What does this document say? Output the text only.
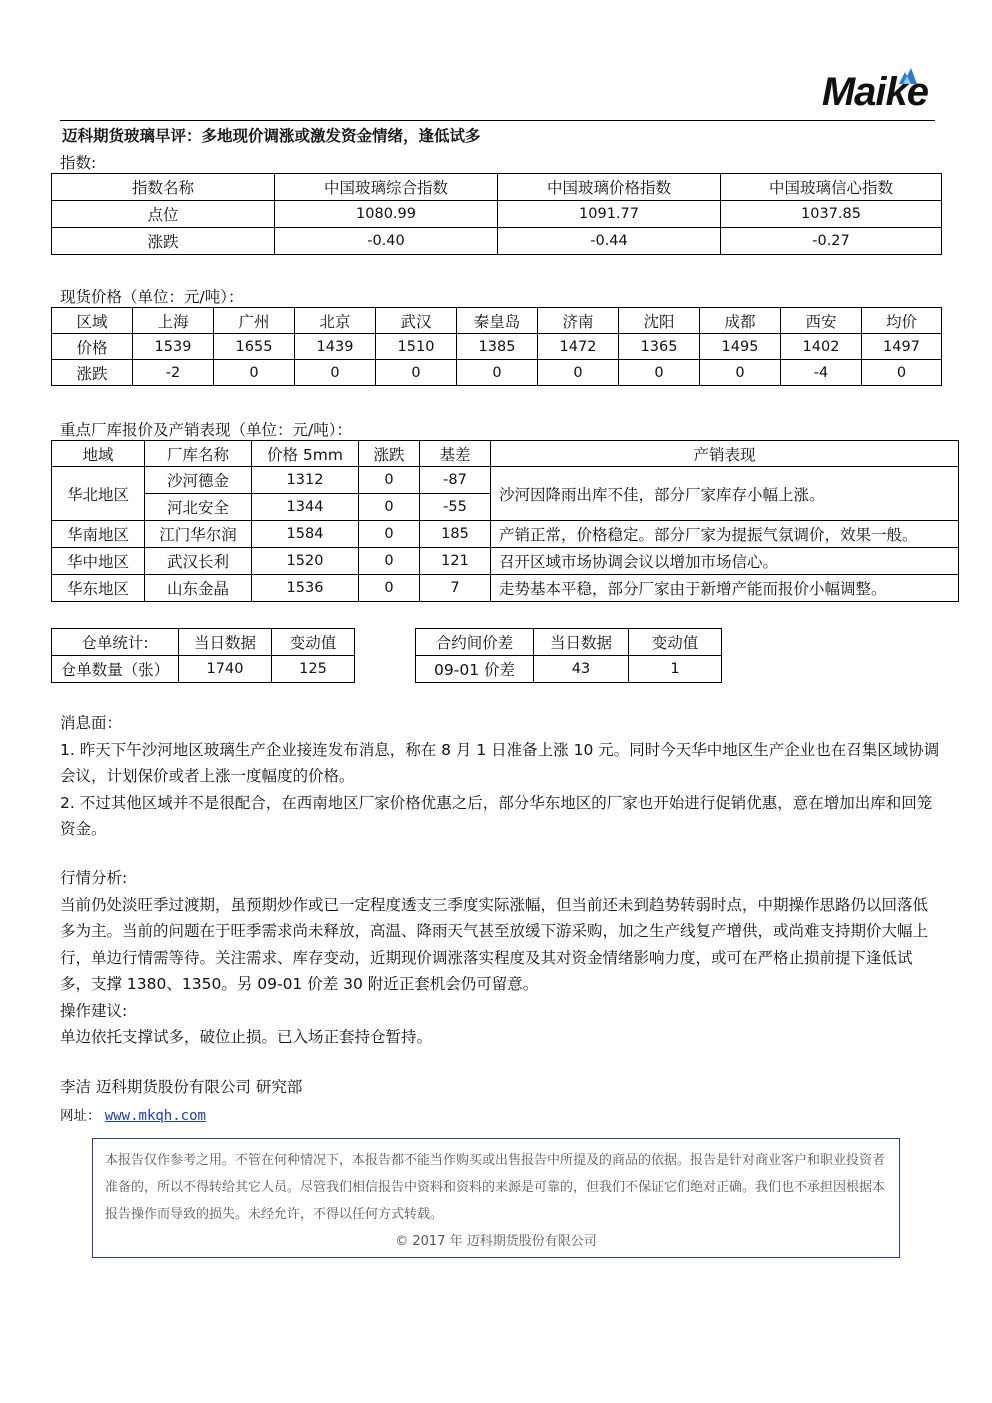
Maike
迈科期货玻璃早评：多地现价调涨或激发资金情绪，逢低试多
指数:
指数名称	中国玻璃综合指数	中国玻璃价格指数	中国玻璃信心指数
点位	1080.99	1091.77	1037.85
涨跌	-0.40	-0.44	-0.27
现货价格（单位：元/吨）：
区域	上海	广州	北京	武汉	秦皇岛	济南	沈阳	成都	西安	均价
价格	1539	1655	1439	1510	1385	1472	1365	1495	1402	1497
涨跌	-2	0	0	0	0	0	0	0	-4	0
重点厂库报价及产销表现（单位：元/吨）：
地域	厂库名称	价格 5mm	涨跌	基差	产销表现
华北地区	沙河德金	1312	0	-87	沙河因降雨出库不佳，部分厂家库存小幅上涨。
	河北安全	1344	0	-55	
华南地区	江门华尔润	1584	0	185	产销正常，价格稳定。部分厂家为提振气氛调价，效果一般。
华中地区	武汉长利	1520	0	121	召开区域市场协调会议以增加市场信心。
华东地区	山东金晶	1536	0	7	走势基本平稳，部分厂家由于新增产能而报价小幅调整。
仓单统计:	当日数据	变动值
仓单数量（张）	1740	125
合约间价差	当日数据	变动值
09-01 价差	43	1
消息面：
1. 昨天下午沙河地区玻璃生产企业接连发布消息，称在 8 月 1 日准备上涨 10 元。同时今天华中地区生产企业也在召集区域协调会议，计划保价或者上涨一度幅度的价格。
2. 不过其他区域并不是很配合，在西南地区厂家价格优惠之后，部分华东地区的厂家也开始进行促销优惠，意在增加出库和回笼资金。
行情分析:
当前仍处淡旺季过渡期，虽预期炒作或已一定程度透支三季度实际涨幅，但当前还未到趋势转弱时点，中期操作思路仍以回落低多为主。当前的问题在于旺季需求尚未释放，高温、降雨天气甚至放缓下游采购，加之生产线复产增供，或尚难支持期价大幅上行，单边行情需等待。关注需求、库存变动，近期现价调涨落实程度及其对资金情绪影响力度，或可在严格止损前提下逢低试多，支撑 1380、1350。另 09-01 价差 30 附近正套机会仍可留意。
操作建议:
单边依托支撑试多，破位止损。已入场正套持仓暂持。
李洁 迈科期货股份有限公司 研究部
网址： www.mkqh.com
本报告仅作参考之用。不管在何种情况下，本报告都不能当作购买或出售报告中所提及的商品的依据。报告是针对商业客户和职业投资者准备的，所以不得转给其它人员。尽管我们相信报告中资料和资料的来源是可靠的，但我们不保证它们绝对正确。我们也不承担因根据本报告操作而导致的损失。未经允许，不得以任何方式转载。
© 2017 年 迈科期货股份有限公司
